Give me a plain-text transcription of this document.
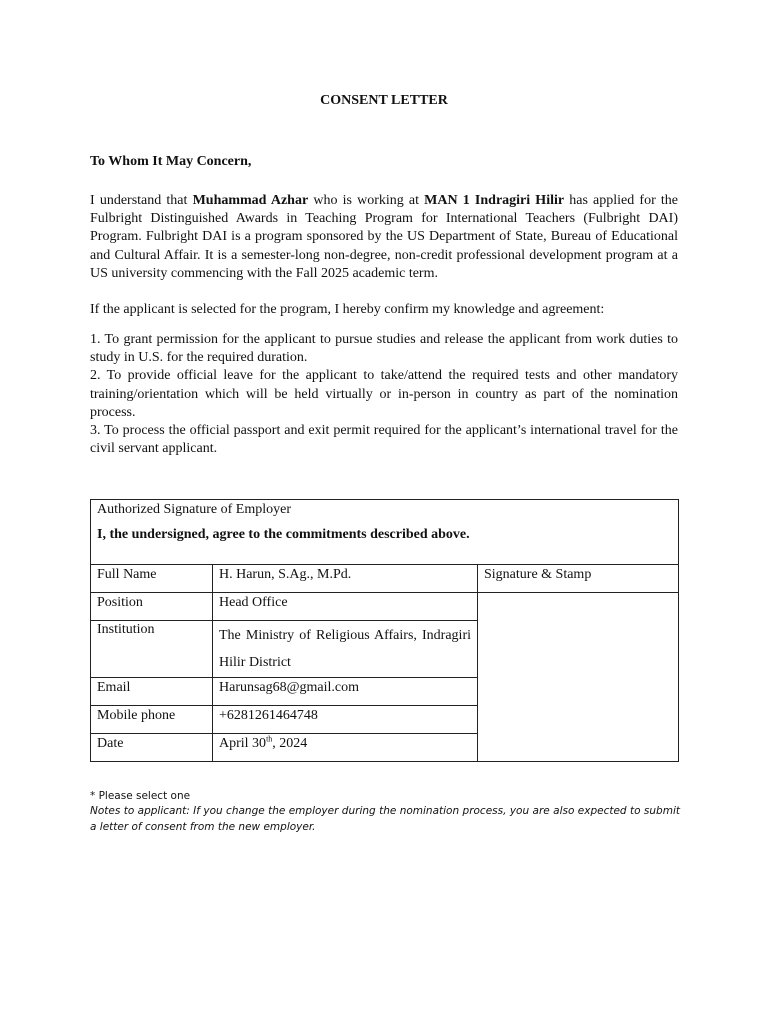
CONSENT LETTER
To Whom It May Concern,
I understand that Muhammad Azhar who is working at MAN 1 Indragiri Hilir has applied for the Fulbright Distinguished Awards in Teaching Program for International Teachers (Fulbright DAI) Program. Fulbright DAI is a program sponsored by the US Department of State, Bureau of Educational and Cultural Affair. It is a semester-long non-degree, non-credit professional development program at a US university commencing with the Fall 2025 academic term.
If the applicant is selected for the program, I hereby confirm my knowledge and agreement:

1. To grant permission for the applicant to pursue studies and release the applicant from work duties to study in U.S. for the required duration.

2. To provide official leave for the applicant to take/attend the required tests and other mandatory training/orientation which will be held virtually or in-person in country as part of the nomination process.

3. To process the official passport and exit permit required for the applicant’s international travel for the civil servant applicant.

Authorized Signature of Employer
I, the undersigned, agree to the commitments described above.		

Full Name	H. Harun, S.Ag., M.Pd.	Signature & Stamp
Position	Head Office	
Institution	The Ministry of Religious Affairs, Indragiri Hilir District	
Email	Harunsag68@gmail.com	
Mobile phone	+6281261464748	
Date	April 30th, 2024	
* Please select one
Notes to applicant: If you change the employer during the nomination process, you are also expected to submit a letter of consent from the new employer.
